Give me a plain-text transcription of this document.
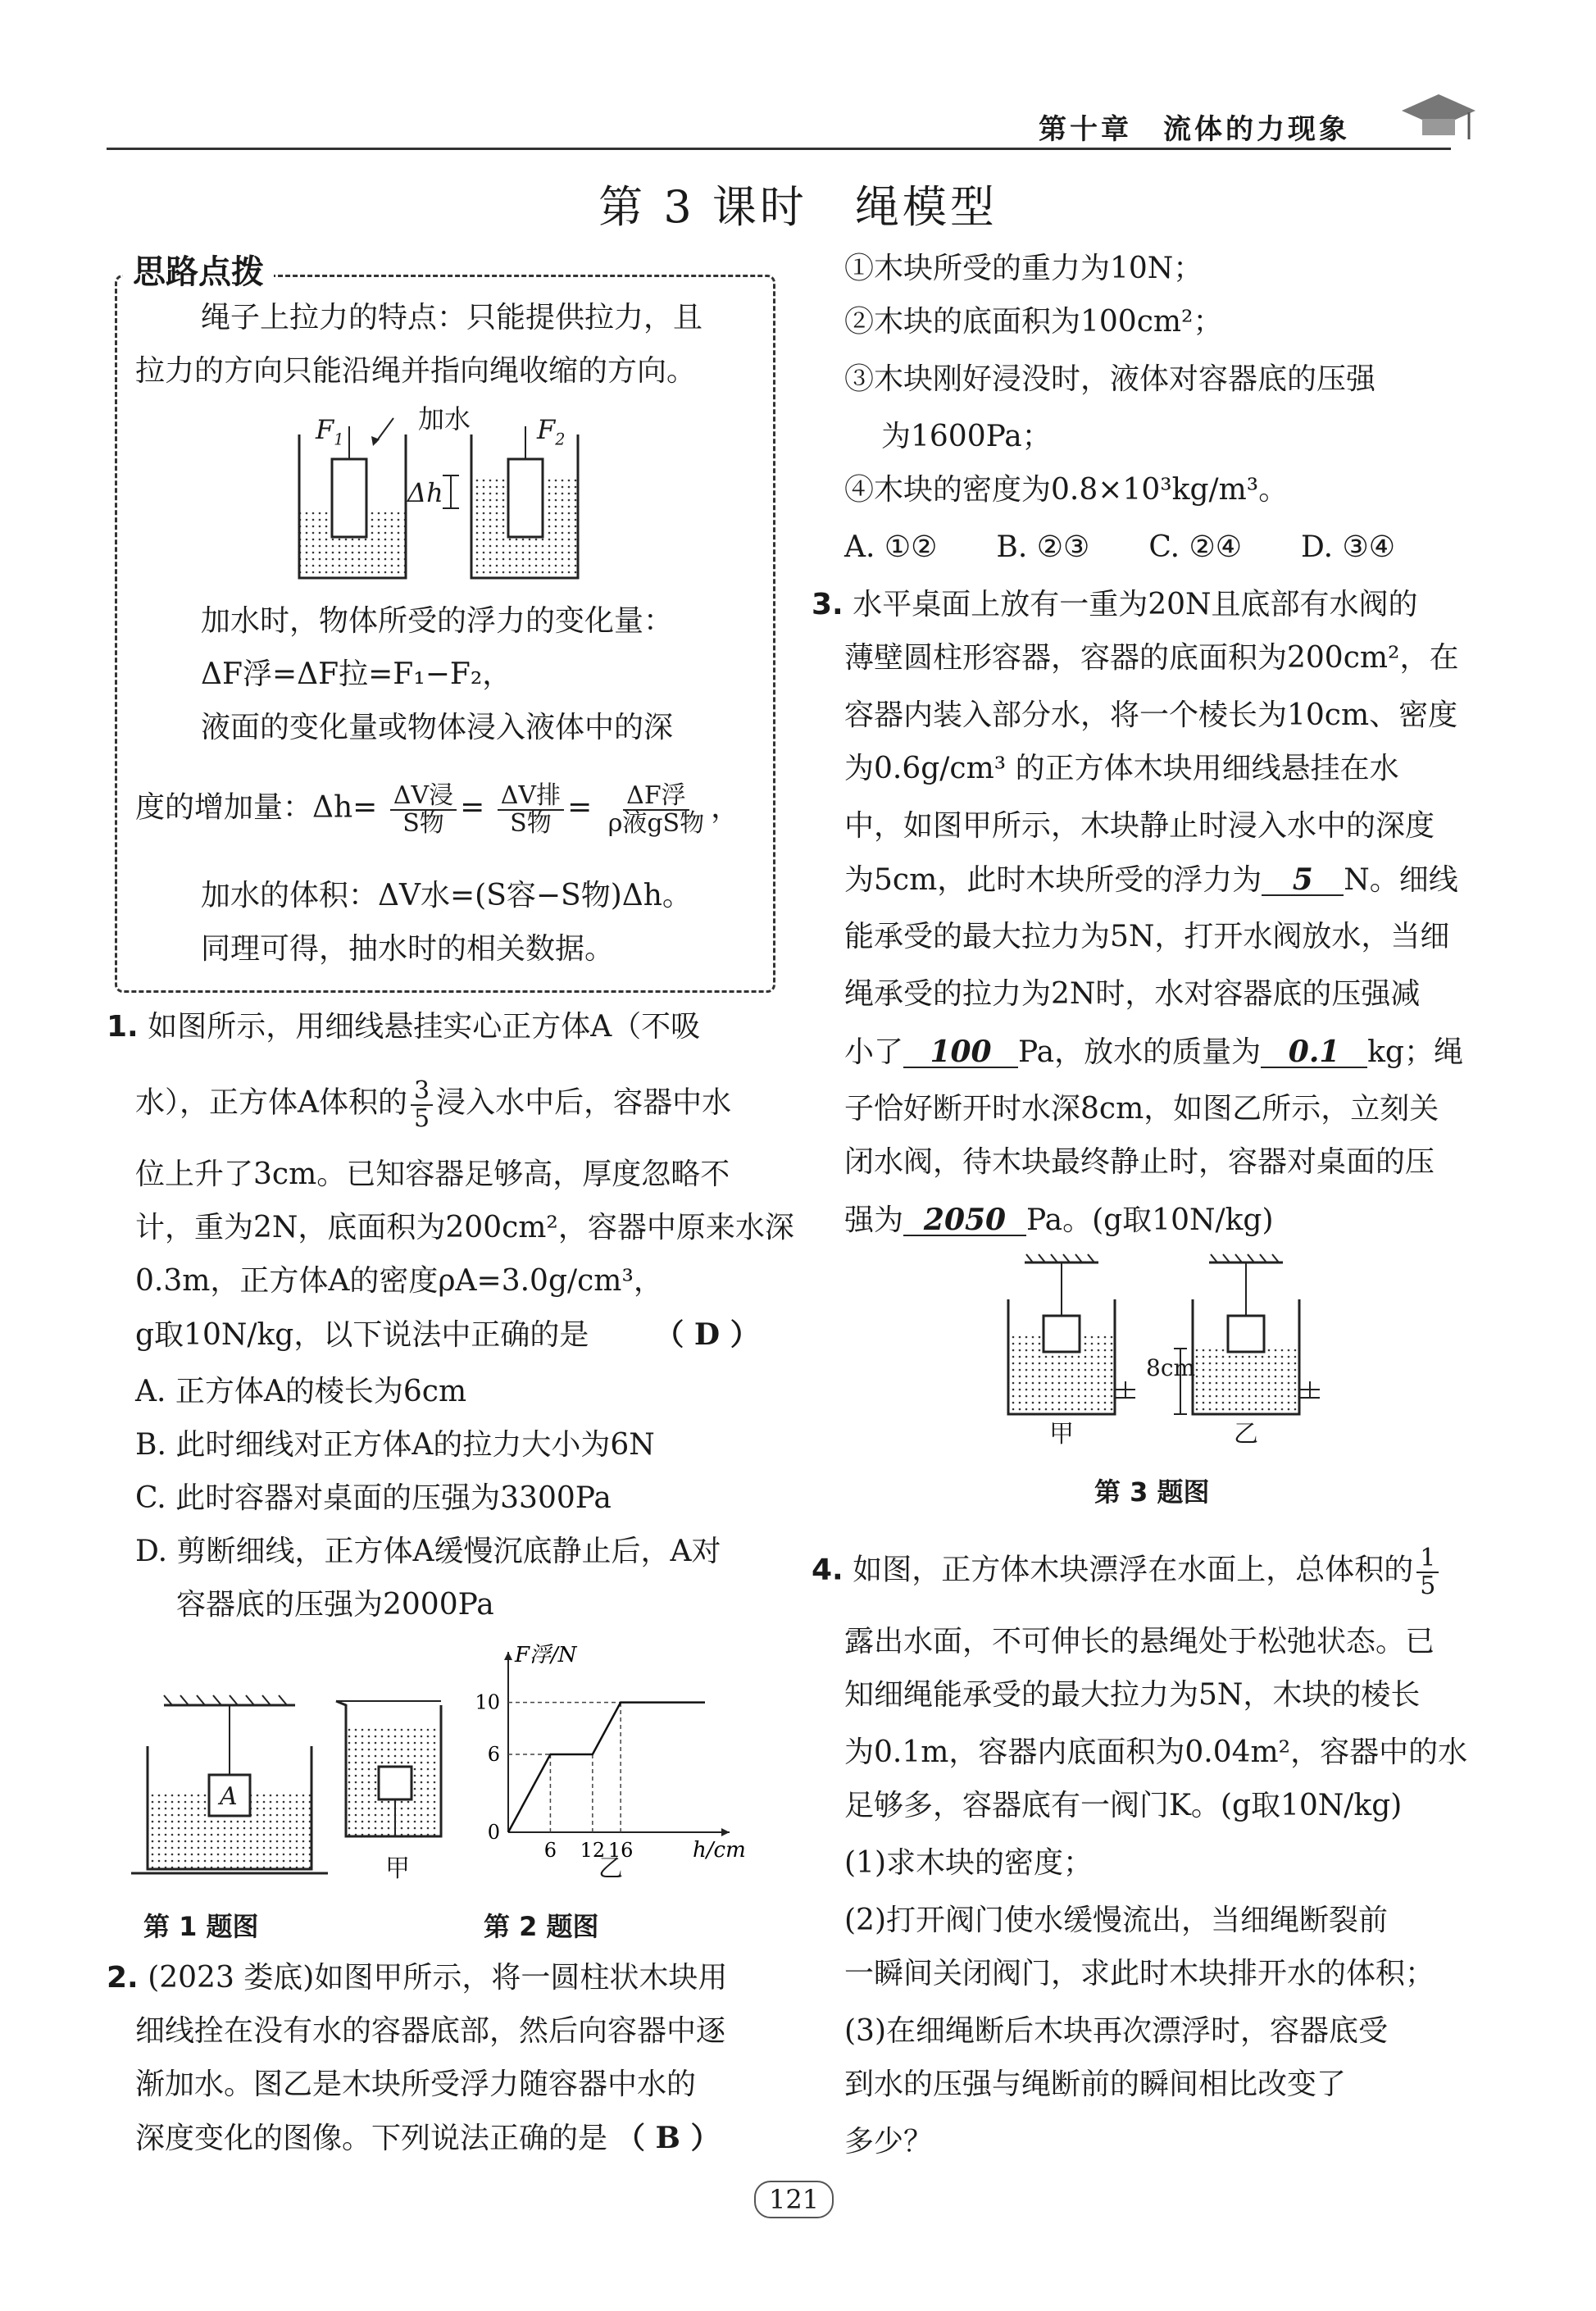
第十章　流体的力现象
第 3 课时　绳模型
思路点拨
绳子上拉力的特点：只能提供拉力，且
拉力的方向只能沿绳并指向绳收缩的方向。
$F_1$	$F_2$
加水
Δh
加水时，物体所受的浮力的变化量：
ΔF浮=ΔF拉=F₁−F₂，
液面的变化量或物体浸入液体中的深
度的增加量：$\Delta h= \frac{\text{ΔV浸}}{\text{S物}} = \frac{\text{ΔV排}}{\text{S物}} = \frac{\text{ΔF浮}}{\text{ρ液gS物}}$ ，
加水的体积：ΔV水=(S容−S物)Δh。
同理可得，抽水时的相关数据。
1. 如图所示，用细线悬挂实心正方体A（不吸
水），正方体A体积的 $\frac{3}{5}$ 浸入水中后，容器中水
位上升了3cm。已知容器足够高，厚度忽略不
计，重为2N，底面积为200cm²，容器中原来水深
0.3m，正方体A的密度ρA=3.0g/cm³，
g取10N/kg，以下说法中正确的是 （ D ）
A. 正方体A的棱长为6cm
B. 此时细线对正方体A的拉力大小为6N
C. 此时容器对桌面的压强为3300Pa
D. 剪断细线，正方体A缓慢沉底静止后，A对
容器底的压强为2000Pa
A
第 1 题图
甲
h/cm
F浮/N
0
6
10
6 12 16
乙
第 2 题图
2. (2023 娄底)如图甲所示，将一圆柱状木块用
细线拴在没有水的容器底部，然后向容器中逐
渐加水。图乙是木块所受浮力随容器中水的
深度变化的图像。下列说法正确的是 （ B ）
①木块所受的重力为10N；
②木块的底面积为100cm²；
③木块刚好浸没时，液体对容器底的压强
为1600Pa；
④木块的密度为0.8×10³kg/m³。
A. ①②　　B. ②③　　C. ②④　　D. ③④
3. 水平桌面上放有一重为20N且底部有水阀的
薄壁圆柱形容器，容器的底面积为200cm²，在
容器内装入部分水，将一个棱长为10cm、密度
为0.6g/cm³ 的正方体木块用细线悬挂在水
中，如图甲所示，木块静止时浸入水中的深度
为5cm，此时木块所受的浮力为 5 N。细线
能承受的最大拉力为5N，打开水阀放水，当细
绳承受的拉力为2N时，水对容器底的压强减
小了 100 Pa，放水的质量为 0.1 kg；绳
子恰好断开时水深8cm，如图乙所示，立刻关
闭水阀，待木块最终静止时，容器对桌面的压
强为 2050 Pa。(g取10N/kg)
8cm
甲	乙
第 3 题图
4. 如图，正方体木块漂浮在水面上，总体积的 $\frac{1}{5}$
露出水面，不可伸长的悬绳处于松弛状态。已
知细绳能承受的最大拉力为5N，木块的棱长
为0.1m，容器内底面积为0.04m²，容器中的水
足够多，容器底有一阀门K。(g取10N/kg)
(1)求木块的密度；
(2)打开阀门使水缓慢流出，当细绳断裂前
一瞬间关闭阀门，求此时木块排开水的体积；
(3)在细绳断后木块再次漂浮时，容器底受
到水的压强与绳断前的瞬间相比改变了
多少？
121
